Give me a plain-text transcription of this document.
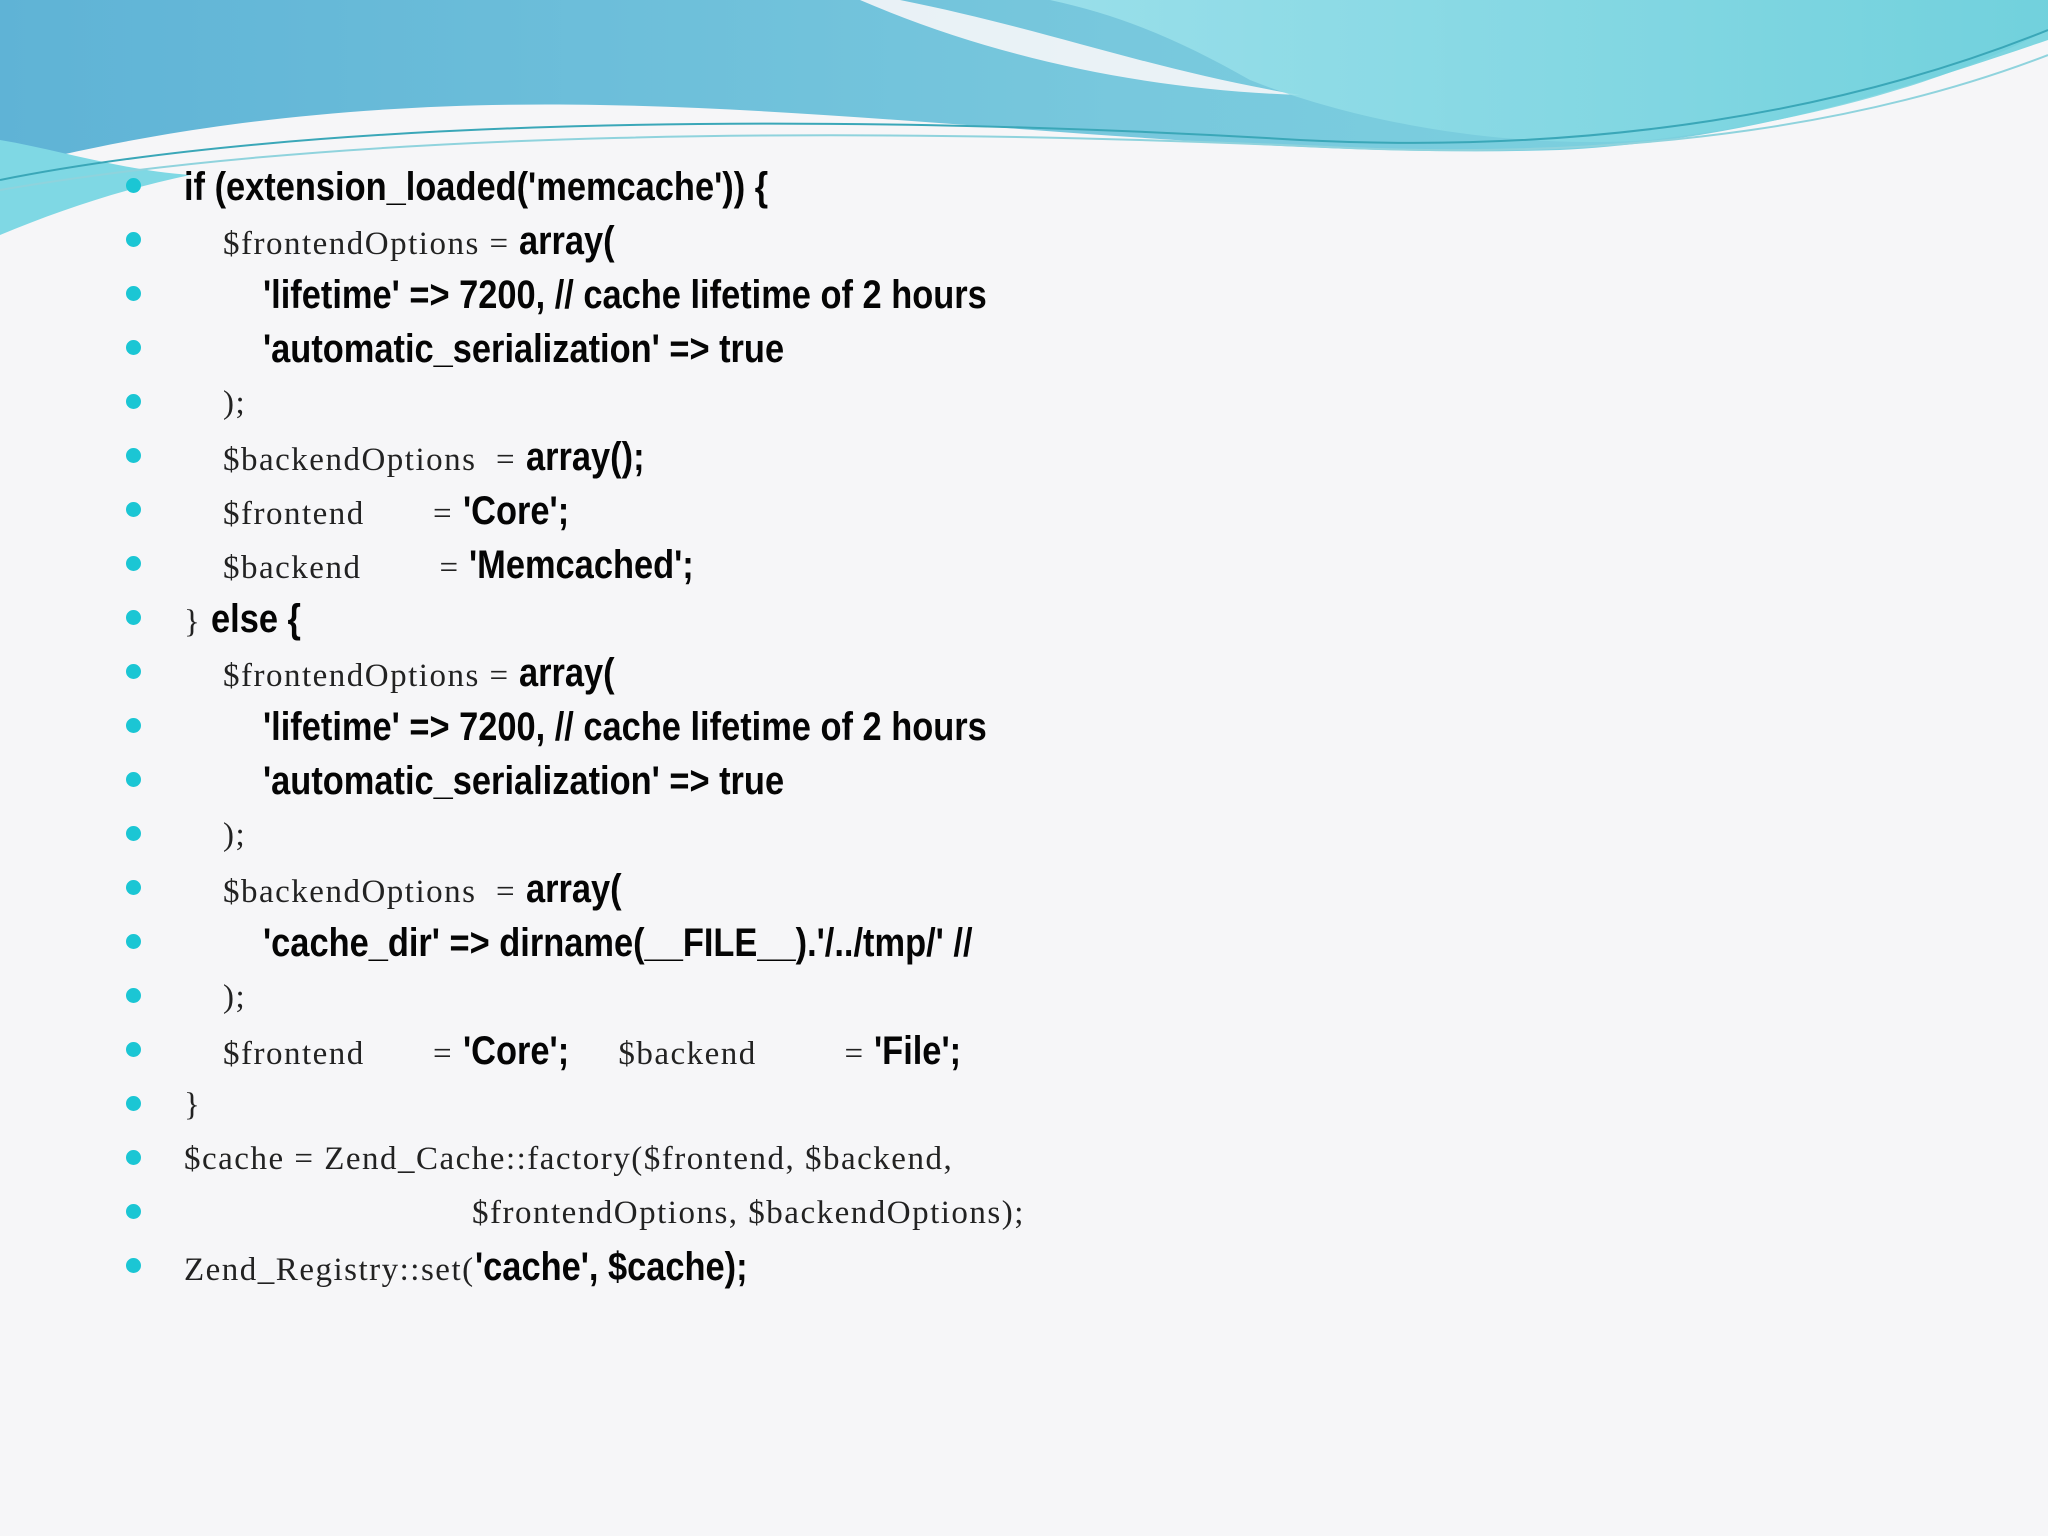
if (extension_loaded('memcache')) {
$frontendOptions = array(
'lifetime' => 7200, // cache lifetime of 2 hours
'automatic_serialization' => true
);
$backendOptions  = array();
$frontend       = 'Core';
$backend        = 'Memcached';
} else {
$frontendOptions = array(
'lifetime' => 7200, // cache lifetime of 2 hours
'automatic_serialization' => true
);
$backendOptions  = array(
'cache_dir' => dirname(__FILE__).'/../tmp/' //
);
$frontend       = 'Core';     $backend         = 'File';
}
$cache = Zend_Cache::factory($frontend, $backend,
$frontendOptions, $backendOptions);
Zend_Registry::set('cache', $cache);
